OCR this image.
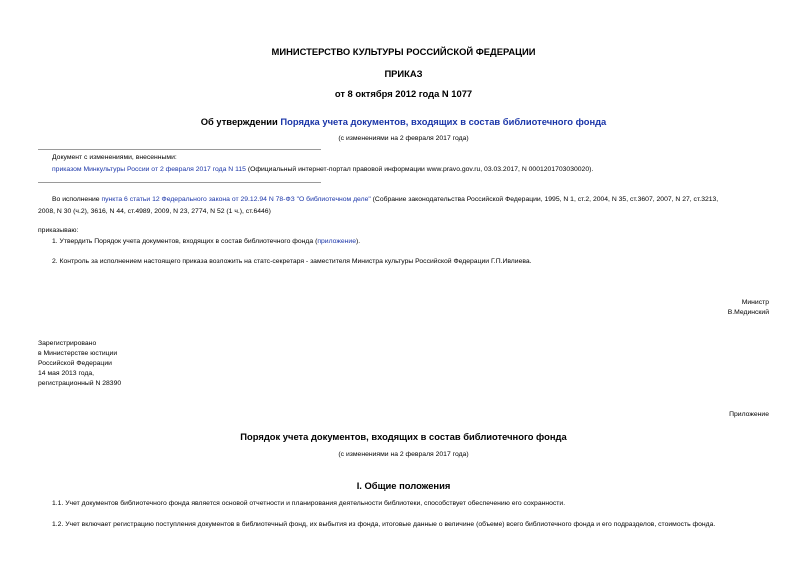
МИНИСТЕРСТВО КУЛЬТУРЫ РОССИЙСКОЙ ФЕДЕРАЦИИ
ПРИКАЗ
от 8 октября 2012 года N 1077
Об утверждении Порядка учета документов, входящих в состав библиотечного фонда
(с изменениями на 2 февраля 2017 года)
Документ с изменениями, внесенными:
приказом Минкультуры России от 2 февраля 2017 года N 115 (Официальный интернет-портал правовой информации www.pravo.gov.ru, 03.03.2017, N 0001201703030020).
Во исполнение пункта 6 статьи 12 Федерального закона от 29.12.94 N 78-ФЗ "О библиотечном деле" (Собрание законодательства Российской Федерации, 1995, N 1, ст.2, 2004, N 35, ст.3607, 2007, N 27, ст.3213,
2008, N 30 (ч.2), 3616, N 44, ст.4989, 2009, N 23, 2774, N 52 (1 ч.), ст.6446)
приказываю:
1. Утвердить Порядок учета документов, входящих в состав библиотечного фонда (приложение).
2. Контроль за исполнением настоящего приказа возложить на статс-секретаря - заместителя Министра культуры Российской Федерации Г.П.Ивлиева.
Министр
В.Мединский
Зарегистрировано
в Министерстве юстиции
Российской Федерации
14 мая 2013 года,
регистрационный N 28390
Приложение
Порядок учета документов, входящих в состав библиотечного фонда
(с изменениями на 2 февраля 2017 года)
I. Общие положения
1.1. Учет документов библиотечного фонда является основой отчетности и планирования деятельности библиотеки, способствует обеспечению его сохранности.
1.2. Учет включает регистрацию поступления документов в библиотечный фонд, их выбытия из фонда, итоговые данные о величине (объеме) всего библиотечного фонда и его подразделов, стоимость фонда.
